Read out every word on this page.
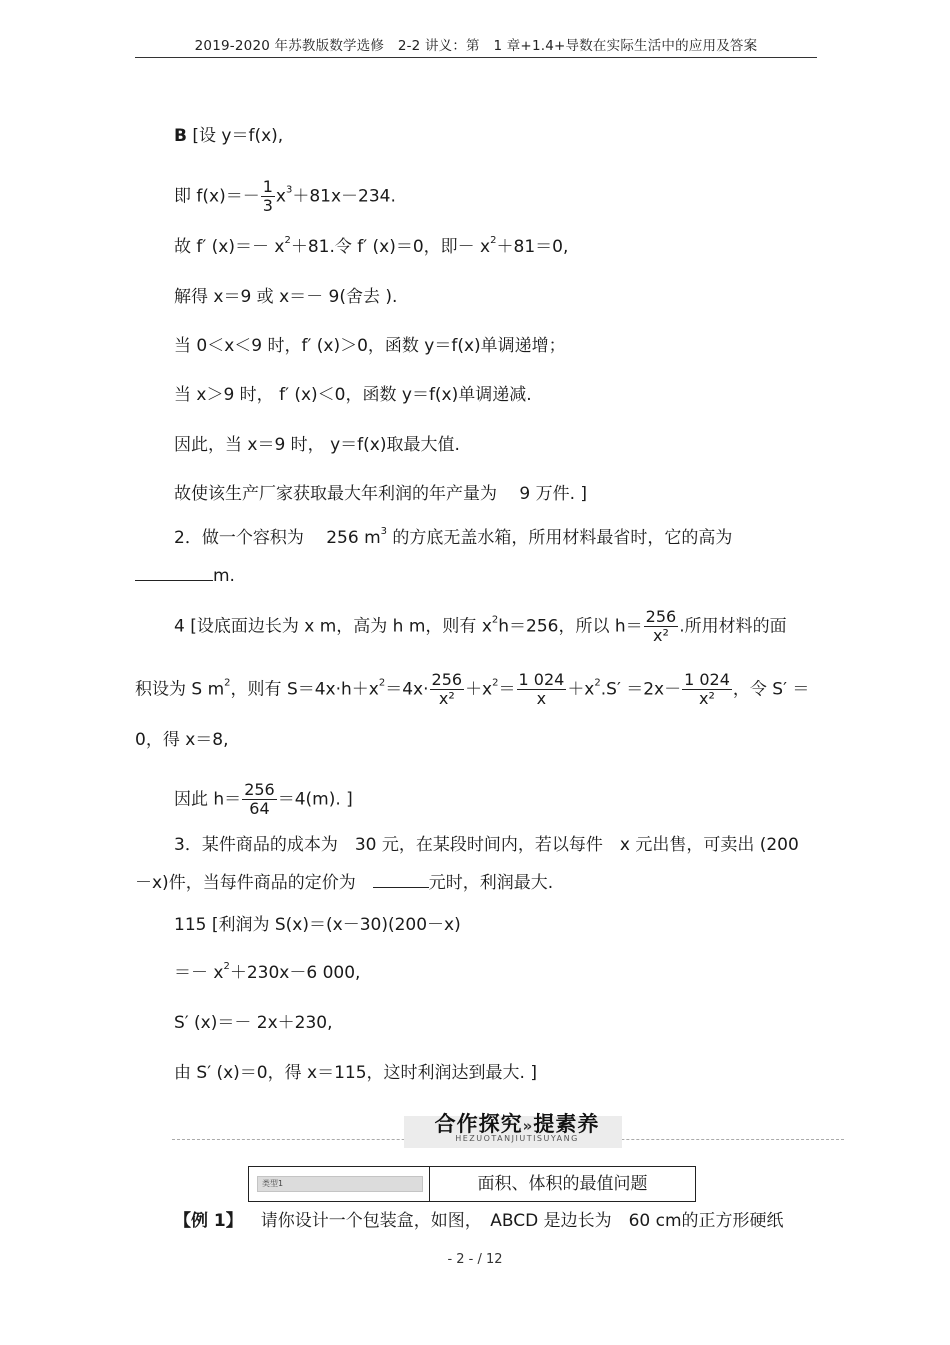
2019-2020 年苏教版数学选修　2-2 讲义：第　1 章+1.4+导数在实际生活中的应用及答案
B [设 y＝f(x),
即 $f(x)=- \frac{1}{3} x^3+81x-234$.
故 f′ $(x)=- x^2+81$.令 f′ (x)＝0，即－ $x^2+81=0$,
解得 x＝9 或 x＝－ 9(舍去 ).
当 0＜x＜9 时，f′ (x)＞0，函数 y＝f(x)单调递增；
当 x＞9 时， f′ (x)＜0，函数 y＝f(x)单调递减.
因此，当 x＝9 时， y＝f(x)取最大值.
故使该生产厂家获取最大年利润的年产量为　 9 万件. ]
2．做一个容积为　 256 $m^3$ 的方底无盖水箱，所用材料最省时，它的高为
m.
4 [设底面边长为 x m，高为 h m，则有 $x^2h=256$，所以 $h= \frac{256}{\text{x²}}$ .所用材料的面
积设为 S $m^2$，则有 $S=4x\cdot h+x^2=4x\cdot \frac{256}{\text{x²}} +x^2= \frac{1 024}{x} +x^2.S' =2x- \frac{1 024}{\text{x²}}$ ，令 S′ ＝
0，得 x＝8,
因此 $h= \frac{256}{64} =4(m)$. ]
3．某件商品的成本为　30 元，在某段时间内，若以每件　x 元出售，可卖出 (200
－x)件，当每件商品的定价为　	元时，利润最大.
115 [利润为 S(x)＝(x－30)(200－x)
＝－ $x^2+230x-6$ 000,
S′ (x)＝－ 2x＋230,
由 S′ (x)＝0，得 x＝115，这时利润达到最大. ]
合作探究»提素养
HEZUOTANJIUTISUYANG
类型1	面积、体积的最值问题
【例 1】 请你设计一个包装盒，如图，　ABCD 是边长为　60 cm的正方形硬纸
- 2 - / 12
